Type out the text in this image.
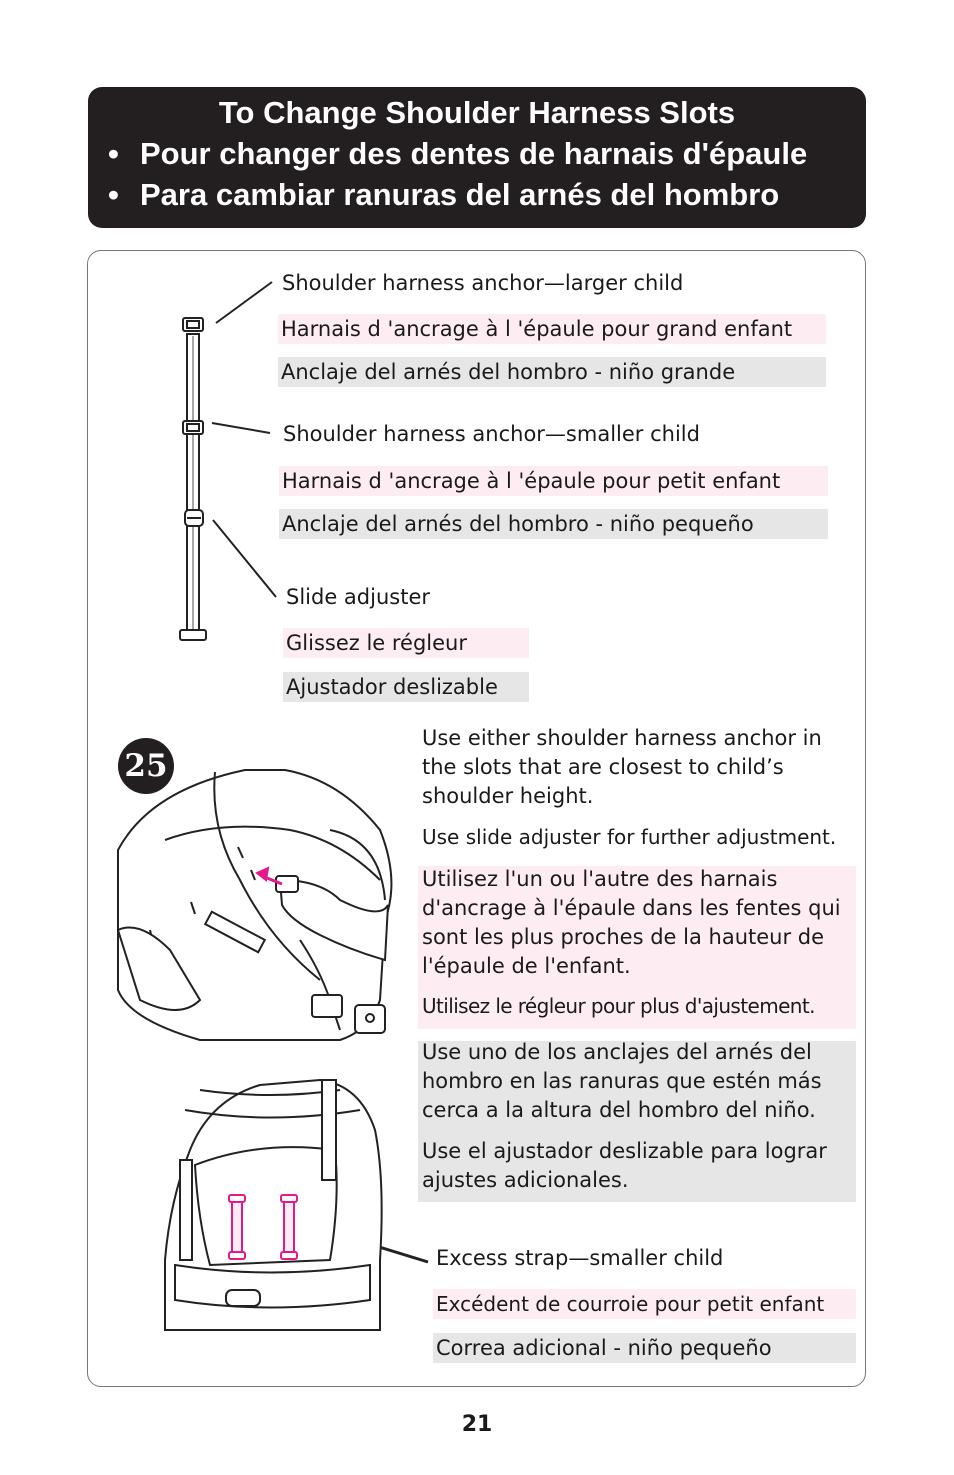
To Change Shoulder Harness Slots
• Pour changer des dentes de harnais d'épaule
• Para cambiar ranuras del arnés del hombro
Shoulder harness anchor—larger child
Harnais d 'ancrage à l 'épaule pour grand enfant
Anclaje del arnés del hombro - niño grande
Shoulder harness anchor—smaller child
Harnais d 'ancrage à l 'épaule pour petit enfant
Anclaje del arnés del hombro - niño pequeño
Slide adjuster
Glissez le régleur
Ajustador deslizable
25
Use either shoulder harness anchor in the slots that are closest to child’s shoulder height.
Use slide adjuster for further adjustment.
Utilisez l'un ou l'autre des harnais d'ancrage à l'épaule dans les fentes qui sont les plus proches de la hauteur de l'épaule de l'enfant.
Utilisez le régleur pour plus d'ajustement.
Use uno de los anclajes del arnés del hombro en las ranuras que estén más cerca a la altura del hombro del niño.
Use el ajustador deslizable para lograr ajustes adicionales.
Excess strap—smaller child
Excédent de courroie pour petit enfant
Correa adicional - niño pequeño
21
